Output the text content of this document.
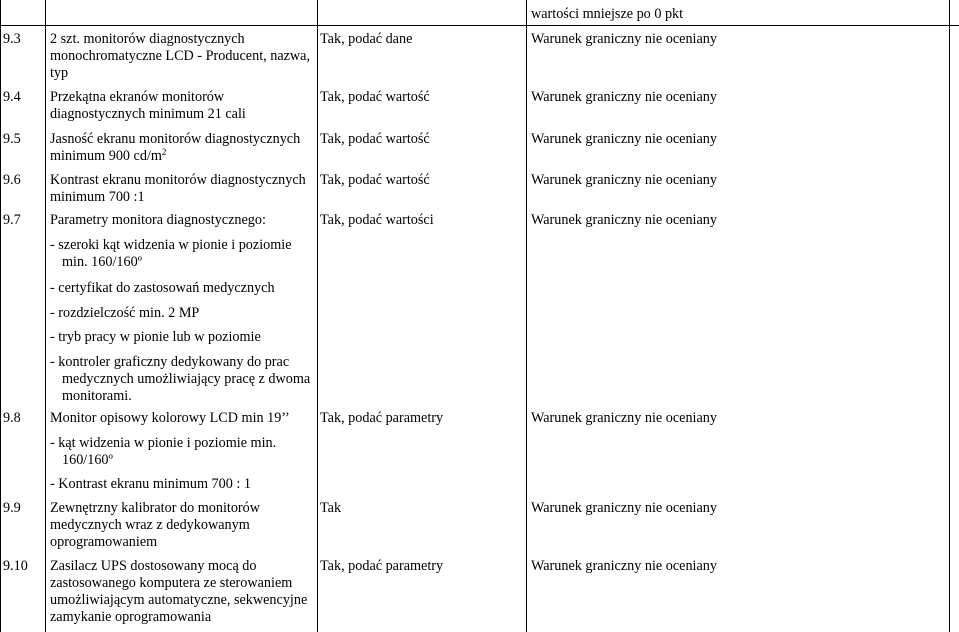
wartości mniejsze po 0 pkt
9.3 2 szt. monitorów diagnostycznych
monochromatyczne LCD - Producent, nazwa,
typ
Tak, podać dane	Warunek graniczny nie oceniany
9.4 Przekątna ekranów monitorów
diagnostycznych minimum 21 cali
Tak, podać wartość	Warunek graniczny nie oceniany
9.5 Jasność ekranu monitorów diagnostycznych
minimum 900 $cd/m^2$
Tak, podać wartość	Warunek graniczny nie oceniany
9.6 Kontrast ekranu monitorów diagnostycznych
minimum 700 :1
Tak, podać wartość	Warunek graniczny nie oceniany
9.7 Parametry monitora diagnostycznego:
- szeroki kąt widzenia w pionie i poziomie
min. 160/160º
- certyfikat do zastosowań medycznych
- rozdzielczość min. 2 MP
- tryb pracy w pionie lub w poziomie
- kontroler graficzny dedykowany do prac
medycznych umożliwiający pracę z dwoma
monitorami.
Tak, podać wartości	Warunek graniczny nie oceniany
9.8 Monitor opisowy kolorowy LCD min 19’’
- kąt widzenia w pionie i poziomie min.
160/160º
- Kontrast ekranu minimum 700 : 1
Tak, podać parametry	Warunek graniczny nie oceniany
9.9 Zewnętrzny kalibrator do monitorów
medycznych wraz z dedykowanym
oprogramowaniem
Tak	Warunek graniczny nie oceniany
9.10 Zasilacz UPS dostosowany mocą do
zastosowanego komputera ze sterowaniem
umożliwiającym automatyczne, sekwencyjne
zamykanie oprogramowania
Tak, podać parametry	Warunek graniczny nie oceniany
